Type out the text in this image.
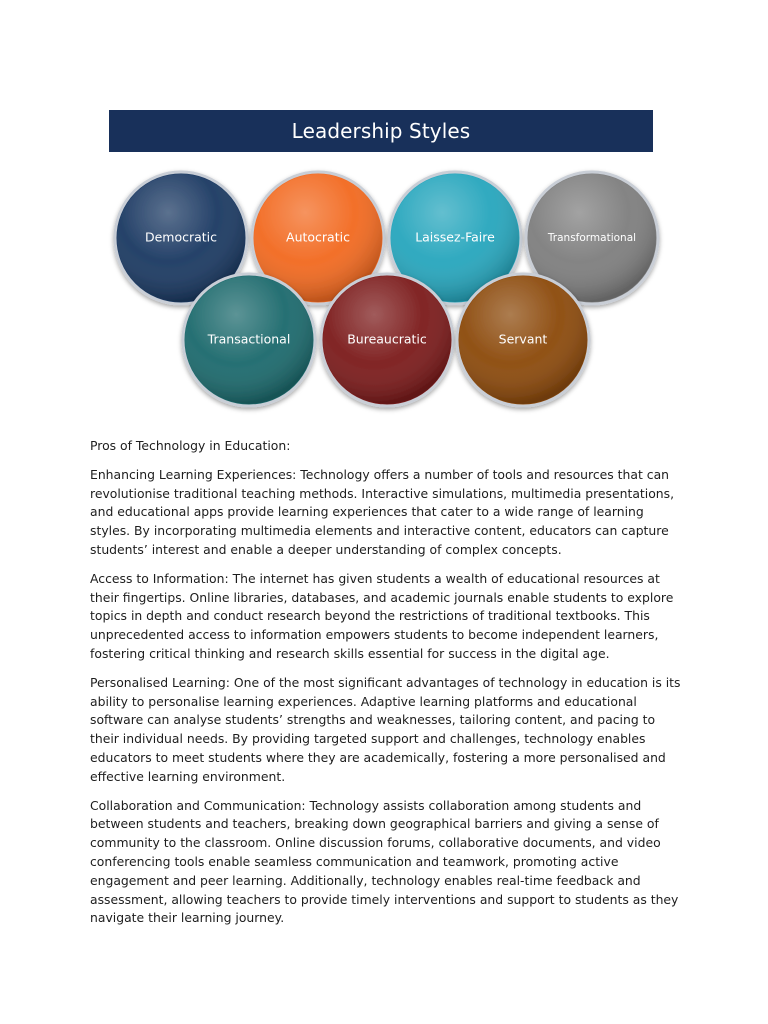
Leadership Styles
Democratic	Autocratic	Laissez-Faire	Transformational
Transactional	Bureaucratic	Servant

Pros of Technology in Education:

Enhancing Learning Experiences: Technology offers a number of tools and resources that can revolutionise traditional teaching methods. Interactive simulations, multimedia presentations, and educational apps provide learning experiences that cater to a wide range of learning styles. By incorporating multimedia elements and interactive content, educators can capture students’ interest and enable a deeper understanding of complex concepts.

Access to Information: The internet has given students a wealth of educational resources at their fingertips. Online libraries, databases, and academic journals enable students to explore topics in depth and conduct research beyond the restrictions of traditional textbooks. This unprecedented access to information empowers students to become independent learners, fostering critical thinking and research skills essential for success in the digital age.

Personalised Learning: One of the most significant advantages of technology in education is its ability to personalise learning experiences. Adaptive learning platforms and educational software can analyse students’ strengths and weaknesses, tailoring content, and pacing to their individual needs. By providing targeted support and challenges, technology enables educators to meet students where they are academically, fostering a more personalised and effective learning environment.

Collaboration and Communication: Technology assists collaboration among students and between students and teachers, breaking down geographical barriers and giving a sense of community to the classroom. Online discussion forums, collaborative documents, and video conferencing tools enable seamless communication and teamwork, promoting active engagement and peer learning. Additionally, technology enables real-time feedback and assessment, allowing teachers to provide timely interventions and support to students as they navigate their learning journey.
